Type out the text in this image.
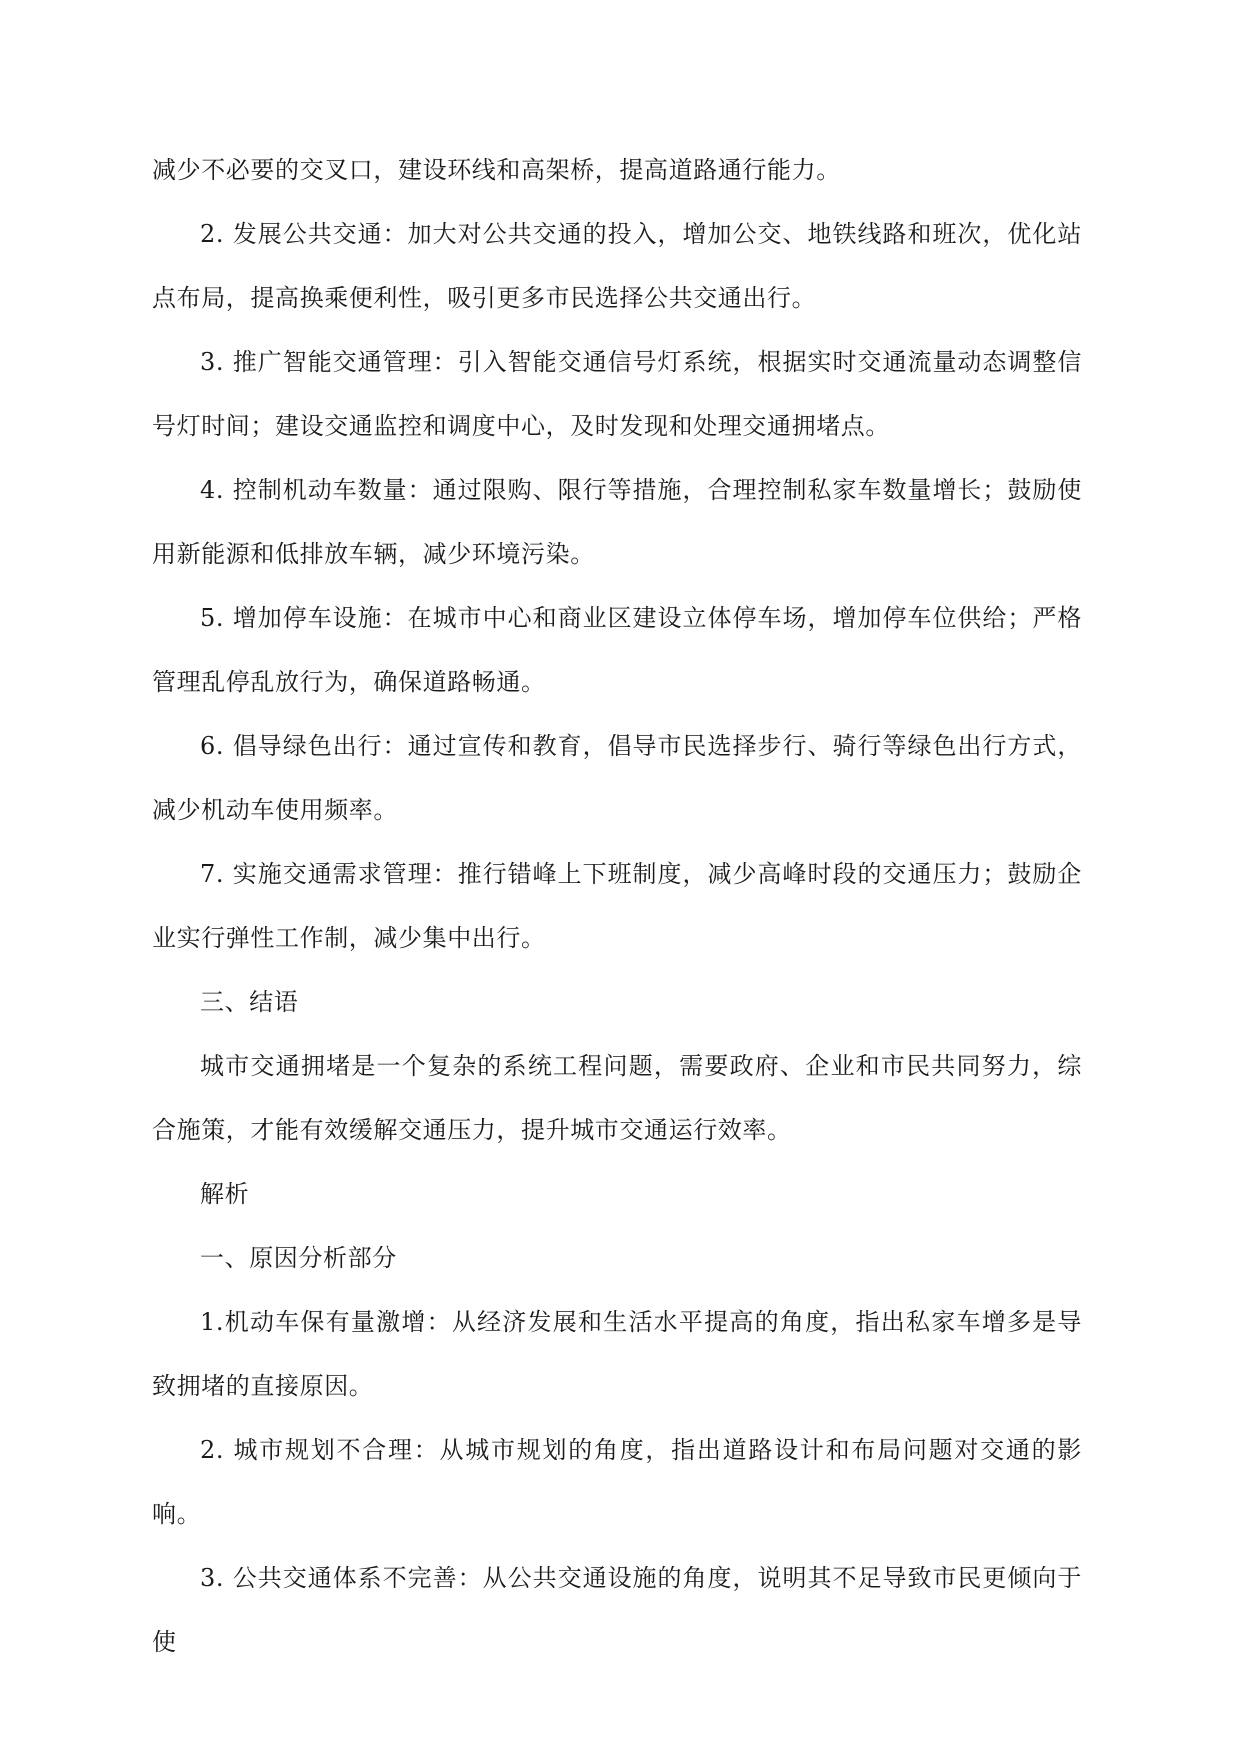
减少不必要的交叉口，建设环线和高架桥，提高道路通行能力。

2. 发展公共交通：加大对公共交通的投入，增加公交、地铁线路和班次，优化站点布局，提高换乘便利性，吸引更多市民选择公共交通出行。

3. 推广智能交通管理：引入智能交通信号灯系统，根据实时交通流量动态调整信号灯时间；建设交通监控和调度中心，及时发现和处理交通拥堵点。

4. 控制机动车数量：通过限购、限行等措施，合理控制私家车数量增长；鼓励使用新能源和低排放车辆，减少环境污染。

5. 增加停车设施：在城市中心和商业区建设立体停车场，增加停车位供给；严格管理乱停乱放行为，确保道路畅通。

6. 倡导绿色出行：通过宣传和教育，倡导市民选择步行、骑行等绿色出行方式，减少机动车使用频率。

7. 实施交通需求管理：推行错峰上下班制度，减少高峰时段的交通压力；鼓励企业实行弹性工作制，减少集中出行。

三、结语

城市交通拥堵是一个复杂的系统工程问题，需要政府、企业和市民共同努力，综合施策，才能有效缓解交通压力，提升城市交通运行效率。

解析

一、原因分析部分

1.机动车保有量激增：从经济发展和生活水平提高的角度，指出私家车增多是导致拥堵的直接原因。

2. 城市规划不合理：从城市规划的角度，指出道路设计和布局问题对交通的影响。

3. 公共交通体系不完善：从公共交通设施的角度，说明其不足导致市民更倾向于使
